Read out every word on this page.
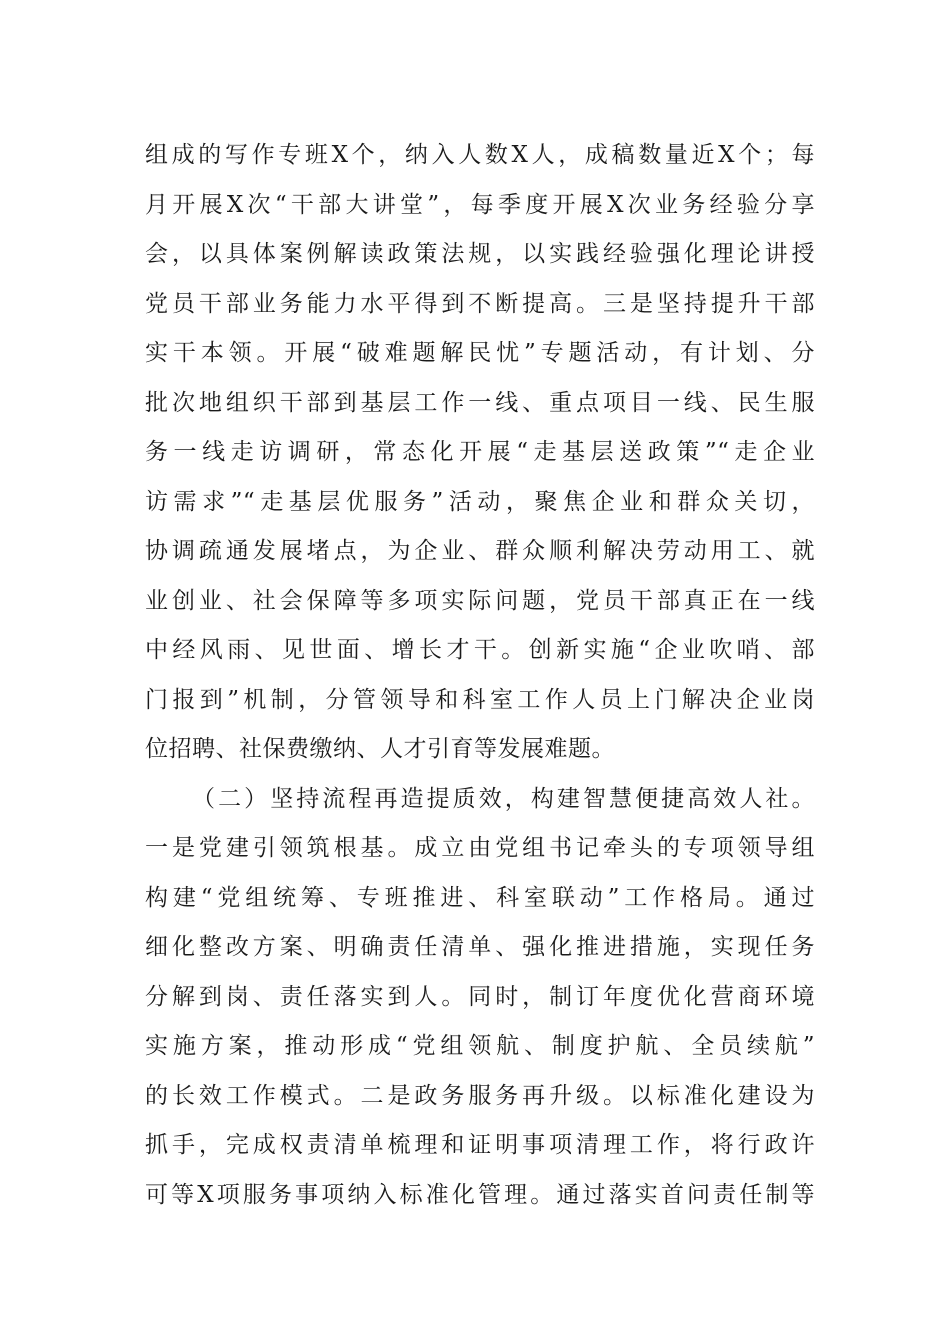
组成的写作专班X个，纳入人数X人，成稿数量近X个；每
月开展X次“干部大讲堂”，每季度开展X次业务经验分享
会，以具体案例解读政策法规，以实践经验强化理论讲授
党员干部业务能力水平得到不断提高。三是坚持提升干部
实干本领。开展“破难题解民忧”专题活动，有计划、分
批次地组织干部到基层工作一线、重点项目一线、民生服
务一线走访调研，常态化开展“走基层送政策”“走企业
访需求”“走基层优服务”活动，聚焦企业和群众关切，
协调疏通发展堵点，为企业、群众顺利解决劳动用工、就
业创业、社会保障等多项实际问题，党员干部真正在一线
中经风雨、见世面、增长才干。创新实施“企业吹哨、部
门报到”机制，分管领导和科室工作人员上门解决企业岗
位招聘、社保费缴纳、人才引育等发展难题。
（二）坚持流程再造提质效，构建智慧便捷高效人社。
一是党建引领筑根基。成立由党组书记牵头的专项领导组
构建“党组统筹、专班推进、科室联动”工作格局。通过
细化整改方案、明确责任清单、强化推进措施，实现任务
分解到岗、责任落实到人。同时，制订年度优化营商环境
实施方案，推动形成“党组领航、制度护航、全员续航”
的长效工作模式。二是政务服务再升级。以标准化建设为
抓手，完成权责清单梳理和证明事项清理工作，将行政许
可等X项服务事项纳入标准化管理。通过落实首问责任制等
